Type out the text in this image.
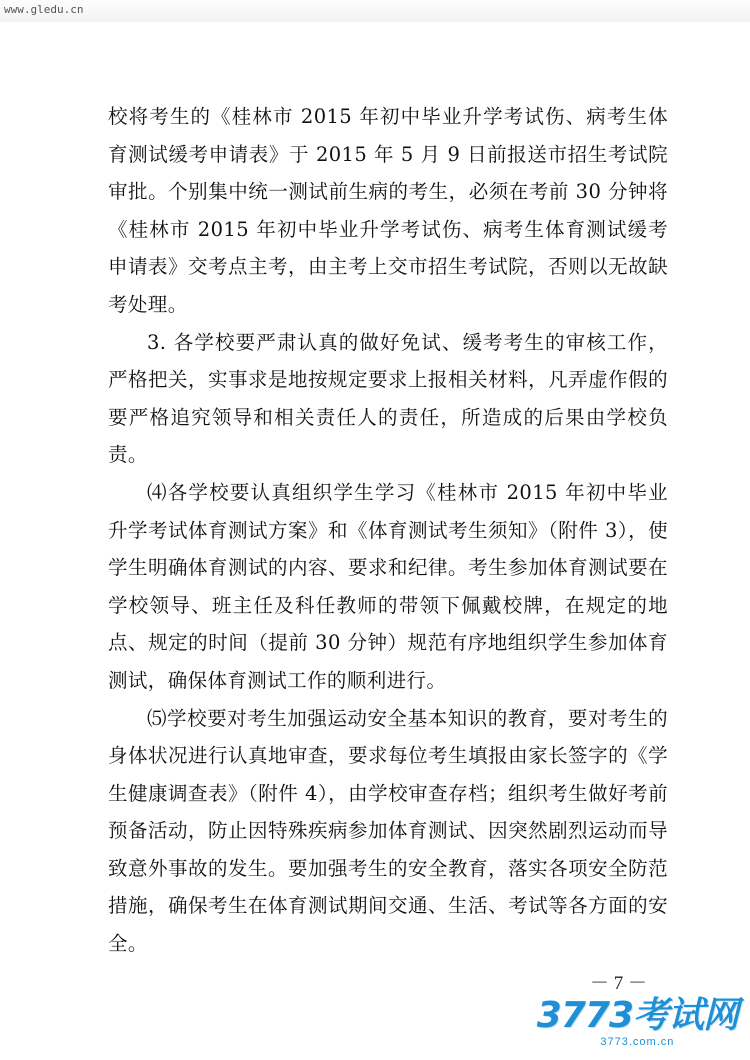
www.gledu.cn

校将考生的《桂林市 2015 年初中毕业升学考试伤、病考生体育测试缓考申请表》于 2015 年 5 月 9 日前报送市招生考试院审批。个别集中统一测试前生病的考生，必须在考前 30 分钟将《桂林市 2015 年初中毕业升学考试伤、病考生体育测试缓考申请表》交考点主考，由主考上交市招生考试院，否则以无故缺考处理。

3. 各学校要严肃认真的做好免试、缓考考生的审核工作，严格把关，实事求是地按规定要求上报相关材料，凡弄虚作假的要严格追究领导和相关责任人的责任，所造成的后果由学校负责。

⑷各学校要认真组织学生学习《桂林市 2015 年初中毕业升学考试体育测试方案》和《体育测试考生须知》（附件 3），使学生明确体育测试的内容、要求和纪律。考生参加体育测试要在学校领导、班主任及科任教师的带领下佩戴校牌，在规定的地点、规定的时间（提前 30 分钟）规范有序地组织学生参加体育测试，确保体育测试工作的顺利进行。

⑸学校要对考生加强运动安全基本知识的教育，要对考生的身体状况进行认真地审查，要求每位考生填报由家长签字的《学生健康调查表》（附件 4），由学校审查存档；组织考生做好考前预备活动，防止因特殊疾病参加体育测试、因突然剧烈运动而导致意外事故的发生。要加强考生的安全教育，落实各项安全防范措施，确保考生在体育测试期间交通、生活、考试等各方面的安全。

－ 7 －
3773考试网
3773.com.cn
